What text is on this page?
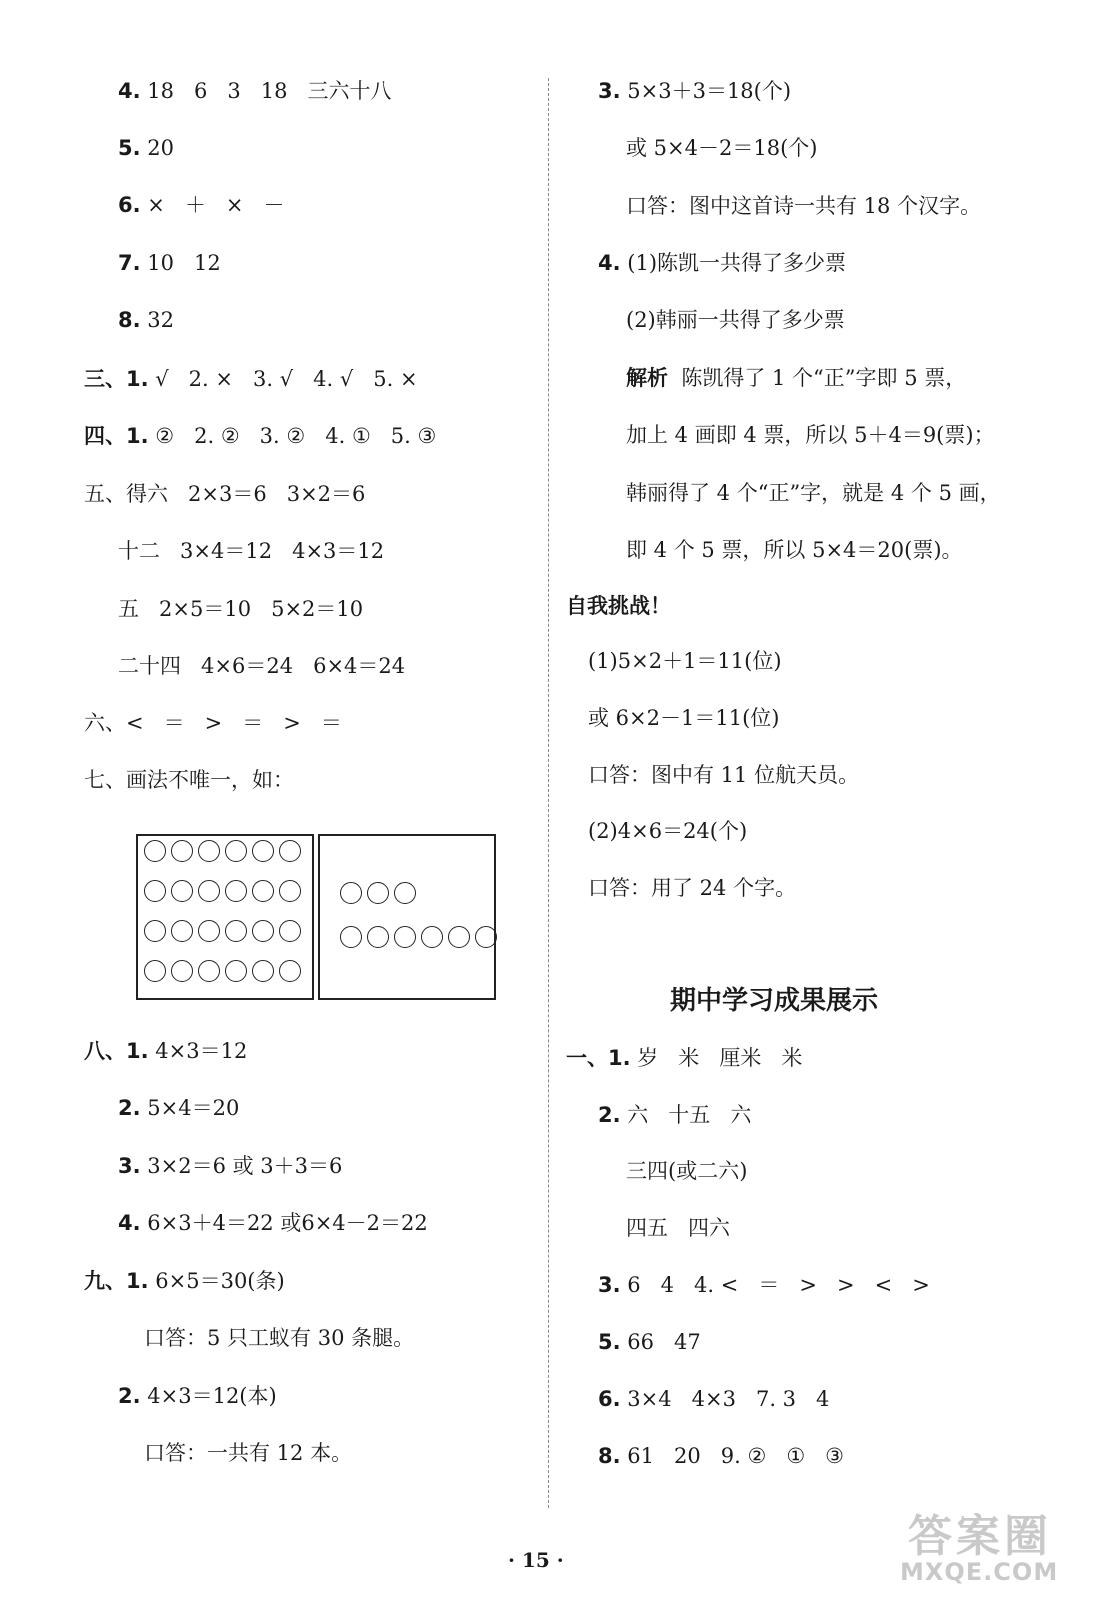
4. 18   6   3   18   三六十八
5. 20
6. ×   ＋   ×   －
7. 10   12
8. 32
三、1. √   2. ×   3. √   4. √   5. ×
四、1. ②   2. ②   3. ②   4. ①   5. ③
五、得六   2×3＝6   3×2＝6
十二   3×4＝12   4×3＝12
五   2×5＝10   5×2＝10
二十四   4×6＝24   6×4＝24
六、<   ＝   >   ＝   >   ＝
七、画法不唯一，如：
八、1. 4×3＝12
2. 5×4＝20
3. 3×2＝6 或 3＋3＝6
4. 6×3＋4＝22 或6×4－2＝22
九、1. 6×5＝30(条)
口答：5 只工蚁有 30 条腿。
2. 4×3＝12(本)
口答：一共有 12 本。
3. 5×3＋3＝18(个)
或 5×4－2＝18(个)
口答：图中这首诗一共有 18 个汉字。
4. (1)陈凯一共得了多少票
(2)韩丽一共得了多少票
解析  陈凯得了 1 个“正”字即 5 票，
加上 4 画即 4 票，所以 5＋4＝9(票)；
韩丽得了 4 个“正”字，就是 4 个 5 画，
即 4 个 5 票，所以 5×4＝20(票)。
自我挑战！
(1)5×2＋1＝11(位)
或 6×2－1＝11(位)
口答：图中有 11 位航天员。
(2)4×6＝24(个)
口答：用了 24 个字。
期中学习成果展示
一、1. 岁   米   厘米   米
2. 六   十五   六
三四(或二六)
四五   四六
3. 6   4   4. <   ＝   >   >   <   >
5. 66   47
6. 3×4   4×3   7. 3   4
8. 61   20   9. ②   ①   ③
· 15 ·	答案圈
MXQE.COM
